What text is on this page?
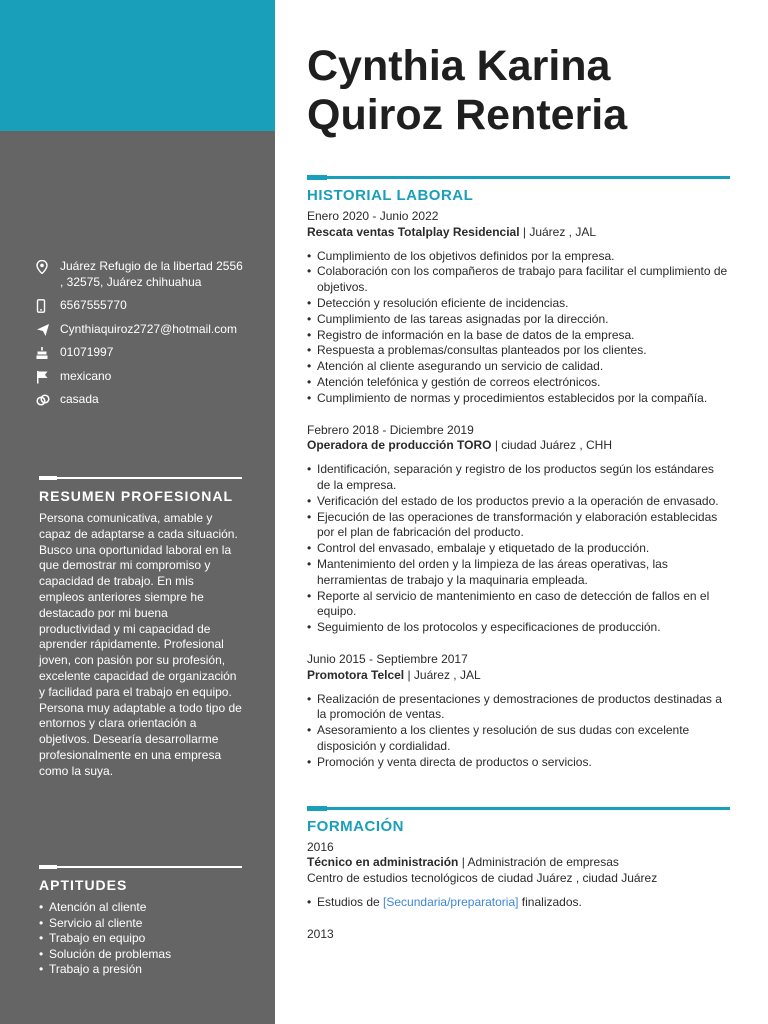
Juárez Refugio de la libertad 2556 , 32575, Juárez chihuahua
6567555770
Cynthiaquiroz2727@hotmail.com
01071997
mexicano
casada
RESUMEN PROFESIONAL
Persona comunicativa, amable y capaz de adaptarse a cada situación. Busco una oportunidad laboral en la que demostrar mi compromiso y capacidad de trabajo. En mis empleos anteriores siempre he destacado por mi buena productividad y mi capacidad de aprender rápidamente. Profesional joven, con pasión por su profesión, excelente capacidad de organización y facilidad para el trabajo en equipo. Persona muy adaptable a todo tipo de entornos y clara orientación a objetivos. Desearía desarrollarme profesionalmente en una empresa como la suya.
APTITUDES
• Atención al cliente
• Servicio al cliente
• Trabajo en equipo
• Solución de problemas
• Trabajo a presión
Cynthia Karina
Quiroz Renteria
HISTORIAL LABORAL
Enero 2020 - Junio 2022
Rescata ventas Totalplay Residencial | Juárez , JAL
• Cumplimiento de los objetivos definidos por la empresa.
• Colaboración con los compañeros de trabajo para facilitar el cumplimiento de objetivos.
• Detección y resolución eficiente de incidencias.
• Cumplimiento de las tareas asignadas por la dirección.
• Registro de información en la base de datos de la empresa.
• Respuesta a problemas/consultas planteados por los clientes.
• Atención al cliente asegurando un servicio de calidad.
• Atención telefónica y gestión de correos electrónicos.
• Cumplimiento de normas y procedimientos establecidos por la compañía.
Febrero 2018 - Diciembre 2019
Operadora de producción TORO | ciudad Juárez , CHH
• Identificación, separación y registro de los productos según los estándares de la empresa.
• Verificación del estado de los productos previo a la operación de envasado.
• Ejecución de las operaciones de transformación y elaboración establecidas por el plan de fabricación del producto.
• Control del envasado, embalaje y etiquetado de la producción.
• Mantenimiento del orden y la limpieza de las áreas operativas, las herramientas de trabajo y la maquinaria empleada.
• Reporte al servicio de mantenimiento en caso de detección de fallos en el equipo.
• Seguimiento de los protocolos y especificaciones de producción.
Junio 2015 - Septiembre 2017
Promotora Telcel | Juárez , JAL
• Realización de presentaciones y demostraciones de productos destinadas a la promoción de ventas.
• Asesoramiento a los clientes y resolución de sus dudas con excelente disposición y cordialidad.
• Promoción y venta directa de productos o servicios.
FORMACIÓN
2016
Técnico en administración | Administración de empresas
Centro de estudios tecnológicos de ciudad Juárez , ciudad Juárez
• Estudios de [Secundaria/preparatoria] finalizados.
2013
